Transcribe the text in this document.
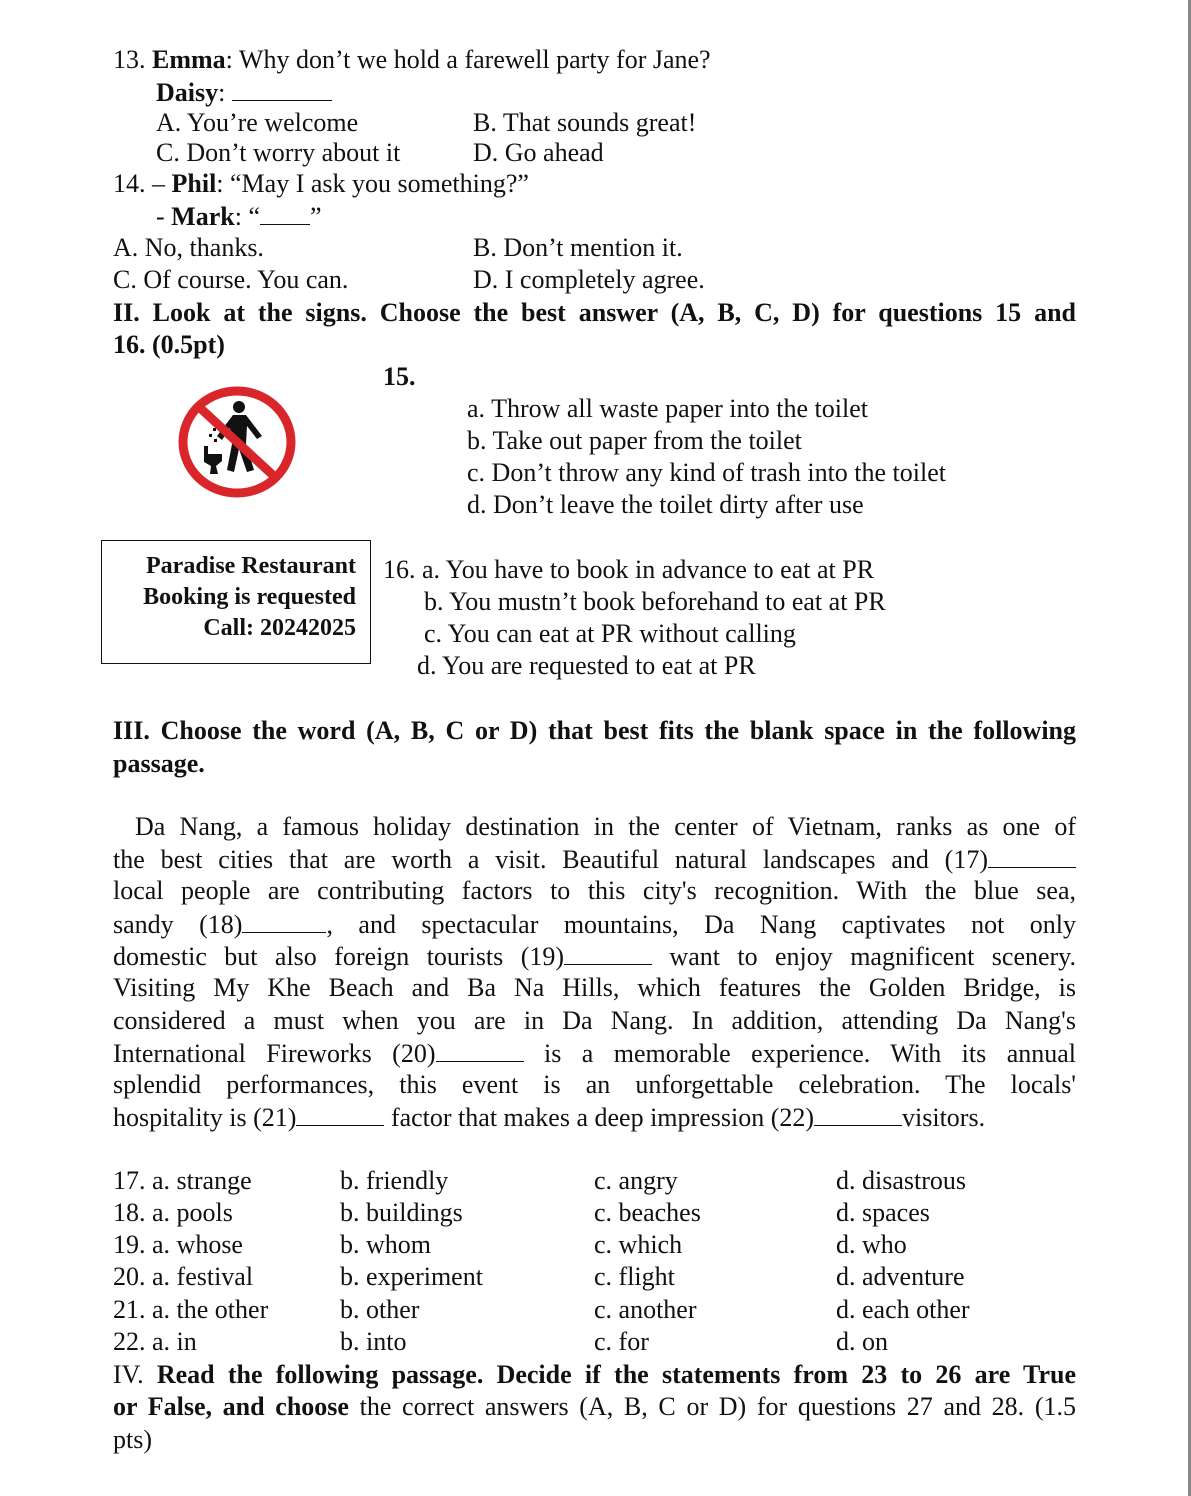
13. Emma: Why don’t we hold a farewell party for Jane?
Daisy:
A. You’re welcome	B. That sounds great!
C. Don’t worry about it	D. Go ahead
14. – Phil: “May I ask you something?”
- Mark: “ ”
A. No, thanks.	B. Don’t mention it.
C. Of course. You can.	D. I completely agree.
II. Look at the signs. Choose the best answer (A, B, C, D) for questions 15 and
16. (0.5pt)
15.
a. Throw all waste paper into the toilet
b. Take out paper from the toilet
c. Don’t throw any kind of trash into the toilet
d. Don’t leave the toilet dirty after use
Paradise Restaurant
Booking is requested
Call: 20242025
16. a. You have to book in advance to eat at PR
b. You mustn’t book beforehand to eat at PR
c. You can eat at PR without calling
d. You are requested to eat at PR
III. Choose the word (A, B, C or D) that best fits the blank space in the following
passage.
Da Nang, a famous holiday destination in the center of Vietnam, ranks as one of
the best cities that are worth a visit. Beautiful natural landscapes and (17)
local people are contributing factors to this city's recognition. With the blue sea,
sandy (18)	, and spectacular mountains, Da Nang captivates not only
domestic but also foreign tourists (19)	want to enjoy magnificent scenery.
Visiting My Khe Beach and Ba Na Hills, which features the Golden Bridge, is
considered a must when you are in Da Nang. In addition, attending Da Nang's
International Fireworks (20)	is a memorable experience. With its annual
splendid performances, this event is an unforgettable celebration. The locals'
hospitality is (21)	factor that makes a deep impression (22)	visitors.
17. a. strange	b. friendly	c. angry	d. disastrous
18. a. pools	b. buildings	c. beaches	d. spaces
19. a. whose	b. whom	c. which	d. who
20. a. festival	b. experiment	c. flight	d. adventure
21. a. the other	b. other	c. another	d. each other
22. a. in	b. into	c. for	d. on
IV. Read the following passage. Decide if the statements from 23 to 26 are True
or False, and choose the correct answers (A, B, C or D) for questions 27 and 28. (1.5
pts)
